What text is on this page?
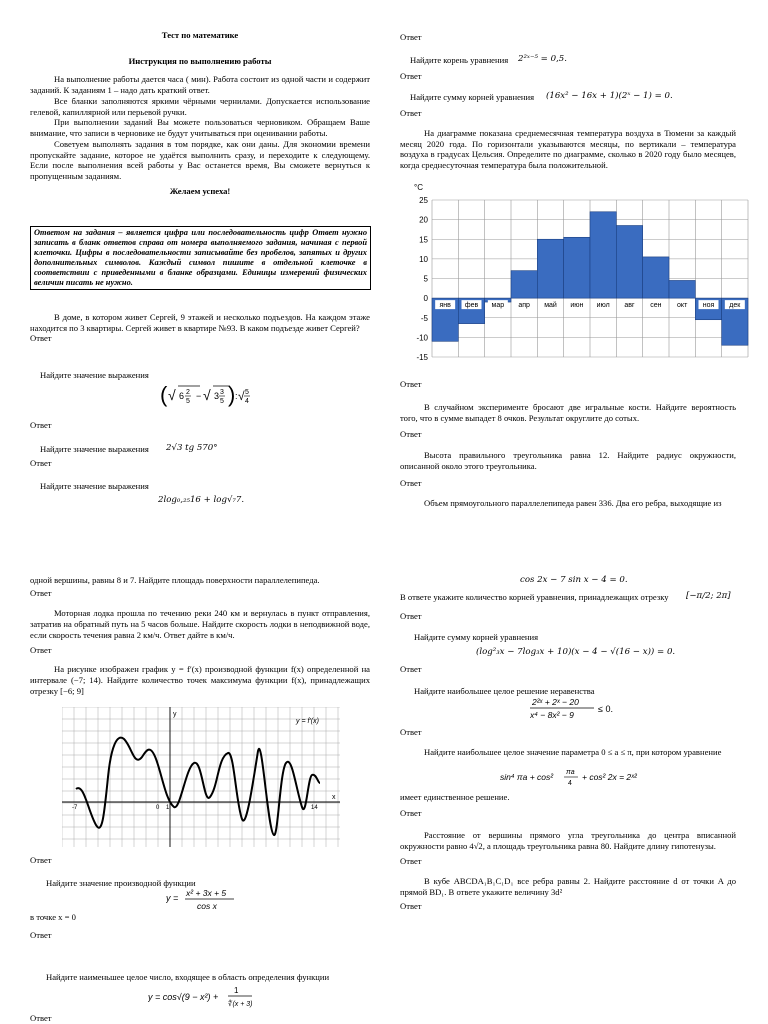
Тест по математике
Инструкция по выполнению работы

На выполнение работы дается часа ( мин). Работа состоит из одной части и содержит заданий. К заданиям 1 – надо дать краткий ответ.

Все бланки заполняются яркими чёрными чернилами. Допускается использование гелевой, капиллярной или перьевой ручки.

При выполнении заданий Вы можете пользоваться черновиком. Обращаем Ваше внимание, что записи в черновике не будут учитываться при оценивании работы.

Советуем выполнять задания в том порядке, как они даны. Для экономии времени пропускайте задание, которое не удаётся выполнить сразу, и переходите к следующему. Если после выполнения всей работы у Вас останется время, Вы сможете вернуться к пропущенным заданиям.

Желаем успеха!
Ответом на задания – является цифра или последовательность цифр Ответ нужно записать в бланк ответов справа от номера выполняемого задания, начиная с первой клеточки. Цифры в последовательности записывайте без пробелов, запятых и других дополнительных символов. Каждый символ пишите в отдельной клеточке в соответствии с приведенными в бланке образцами. Единицы измерений физических величин писать не нужно.

В доме, в котором живет Сергей, 9 этажей и несколько подъездов. На каждом этаже находится по 3 квартиры. Сергей живет в квартире №93. В каком подъезде живет Сергей?

Ответ
Найдите значение выражения
( √ 6 2
5
− √ 3 3
5 ) : √ 5
4
Ответ
Найдите значение выражения 2√3 tg 570°
Ответ
Найдите значение выражения
2log₀,₂₅16 + log√₇7.
Ответ
Найдите корень уравнения 2²ˣ⁻⁵ = 0,5.
Ответ
Найдите сумму корней уравнения (16x² − 16x + 1)(2ˣ − 1) = 0.
Ответ

На диаграмме показана среднемесячная температура воздуха в Тюмени за каждый месяц 2020 года. По горизонтали указываются месяцы, по вертикали – температура воздуха в градусах Цельсия. Определите по диаграмме, сколько в 2020 году было месяцев, когда среднесуточная температура была положительной.

°C
25
20
15
10
5
0
-5
-10
-15
янв фев мар апр май июн июл авг сен окт ноя дек
Ответ

В случайном эксперименте бросают две игральные кости. Найдите вероятность того, что в сумме выпадет 8 очков. Результат округлите до сотых.

Ответ

Высота правильного треугольника равна 12. Найдите радиус окружности, описанной около этого треугольника.

Ответ

Объем прямоугольного параллелепипеда равен 336. Два его ребра, выходящие из

одной вершины, равны 8 и 7. Найдите площадь поверхности параллелепипеда.

Ответ

Моторная лодка прошла по течению реки 240 км и вернулась в пункт отправления, затратив на обратный путь на 5 часов больше. Найдите скорость лодки в неподвижной воде, если скорость течения равна 2 км/ч. Ответ дайте в км/ч.

Ответ

На рисунке изображен график y = f′(x) производной функции f(x) определенной на интервале (−7; 14). Найдите количество точек максимума функции f(x), принадлежащих отрезку [−6; 9]

y
x
-7	0 1	14
y = f′(x)
Ответ
Найдите значение производной функции
y = x² + 3x + 5
cos x
в точке x = 0
Ответ
Найдите наименьшее целое число, входящее в область определения функции
y = cos√(9 − x²) +
1
∜(x + 3)
Ответ
cos 2x − 7 sin x − 4 = 0.
В ответе укажите количество корней уравнения, принадлежащих отрезку [−π/2; 2π]
Ответ
Найдите сумму корней уравнения
(log²₃x − 7log₃x + 10)(x − 4 − √(16 − x)) = 0.
Ответ
Найдите наибольшее целое решение неравенства
2²ˣ + 2ˣ − 20
x⁴ − 8x² − 9
≤ 0.
Ответ

Найдите наибольшее целое значение параметра 0 ≤ a ≤ π, при котором уравнение

sin⁴ πa + cos² πa
4
+ cos² 2x = 2ˣ²
имеет единственное решение.
Ответ

Расстояние от вершины прямого угла треугольника до центра вписанной окружности равно 4√2, а площадь треугольника равна 80. Найдите длину гипотенузы.

Ответ

В кубе ABCDA₁B₁C₁D₁ все ребра равны 2. Найдите расстояние d от точки A до прямой BD₁. В ответе укажите величину 3d²

Ответ
